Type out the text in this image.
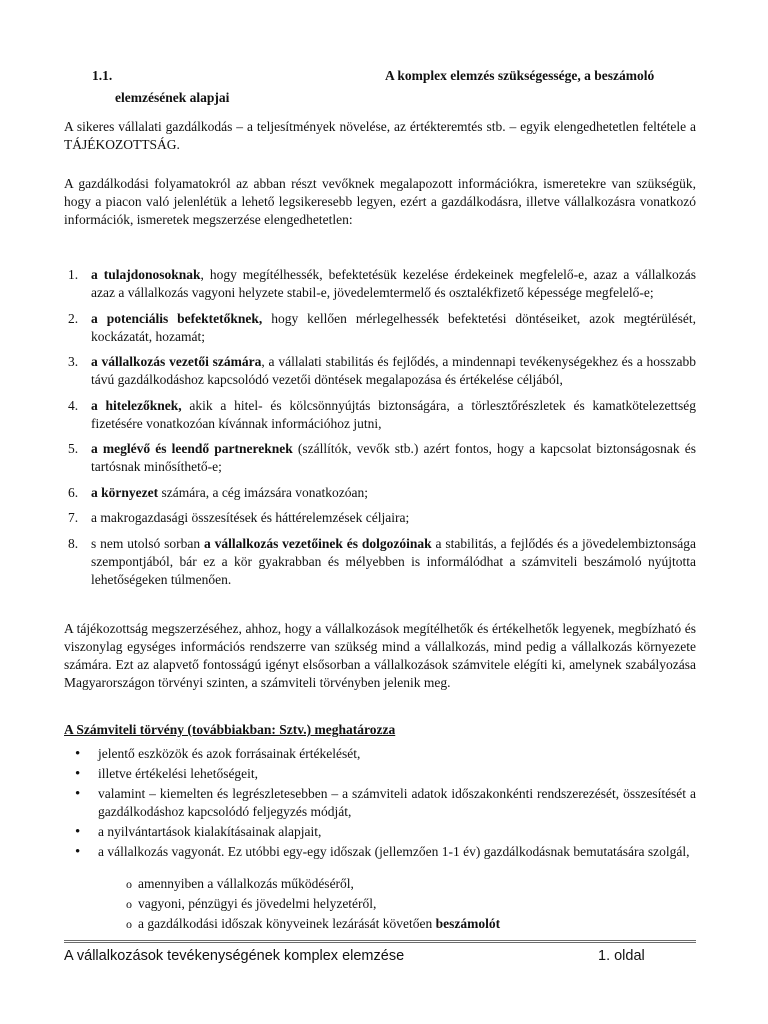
1.1.	A komplex elemzés szükségessége, a beszámoló
elemzésének alapjai
A sikeres vállalati gazdálkodás – a teljesítmények növelése, az értékteremtés stb. – egyik elengedhetetlen feltétele a TÁJÉKOZOTTSÁG.
A gazdálkodási folyamatokról az abban részt vevőknek megalapozott információkra, ismeretekre van szükségük, hogy a piacon való jelenlétük a lehető legsikeresebb legyen, ezért a gazdálkodásra, illetve vállalkozásra vonatkozó információk, ismeretek megszerzése elengedhetetlen:
1. a tulajdonosoknak, hogy megítélhessék, befektetésük kezelése érdekeinek megfelelő-e, azaz a vállalkozás azaz a vállalkozás vagyoni helyzete stabil-e, jövedelemtermelő és osztalékfizető képessége megfelelő-e;
2. a potenciális befektetőknek, hogy kellően mérlegelhessék befektetési döntéseiket, azok megtérülését, kockázatát, hozamát;
3. a vállalkozás vezetői számára, a vállalati stabilitás és fejlődés, a mindennapi tevékenységekhez és a hosszabb távú gazdálkodáshoz kapcsolódó vezetői döntések megalapozása és értékelése céljából,
4. a hitelezőknek, akik a hitel- és kölcsönnyújtás biztonságára, a törlesztőrészletek és kamatkötelezettség fizetésére vonatkozóan kívánnak információhoz jutni,
5. a meglévő és leendő partnereknek (szállítók, vevők stb.) azért fontos, hogy a kapcsolat biztonságosnak és tartósnak minősíthető-e;
6. a környezet számára, a cég imázsára vonatkozóan;
7. a makrogazdasági összesítések és háttérelemzések céljaira;
8. s nem utolsó sorban a vállalkozás vezetőinek és dolgozóinak a stabilitás, a fejlődés és a jövedelembiztonsága szempontjából, bár ez a kör gyakrabban és mélyebben is informálódhat a számviteli beszámoló nyújtotta lehetőségeken túlmenően.
A tájékozottság megszerzéséhez, ahhoz, hogy a vállalkozások megítélhetők és értékelhetők legyenek, megbízható és viszonylag egységes információs rendszerre van szükség mind a vállalkozás, mind pedig a vállalkozás környezete számára. Ezt az alapvető fontosságú igényt elsősorban a vállalkozások számvitele elégíti ki, amelynek szabályozása Magyarországon törvényi szinten, a számviteli törvényben jelenik meg.
A Számviteli törvény (továbbiakban: Sztv.) meghatározza
• jelentő eszközök és azok forrásainak értékelését,
• illetve értékelési lehetőségeit,
• valamint – kiemelten és legrészletesebben – a számviteli adatok időszakonkénti rendszerezését, összesítését a gazdálkodáshoz kapcsolódó feljegyzés módját,
• a nyilvántartások kialakításainak alapjait,
• a vállalkozás vagyonát. Ez utóbbi egy-egy időszak (jellemzően 1-1 év) gazdálkodásnak bemutatására szolgál,
o amennyiben a vállalkozás működéséről,
o vagyoni, pénzügyi és jövedelmi helyzetéről,
o a gazdálkodási időszak könyveinek lezárását követően beszámolót
A vállalkozások tevékenységének komplex elemzése	1. oldal
